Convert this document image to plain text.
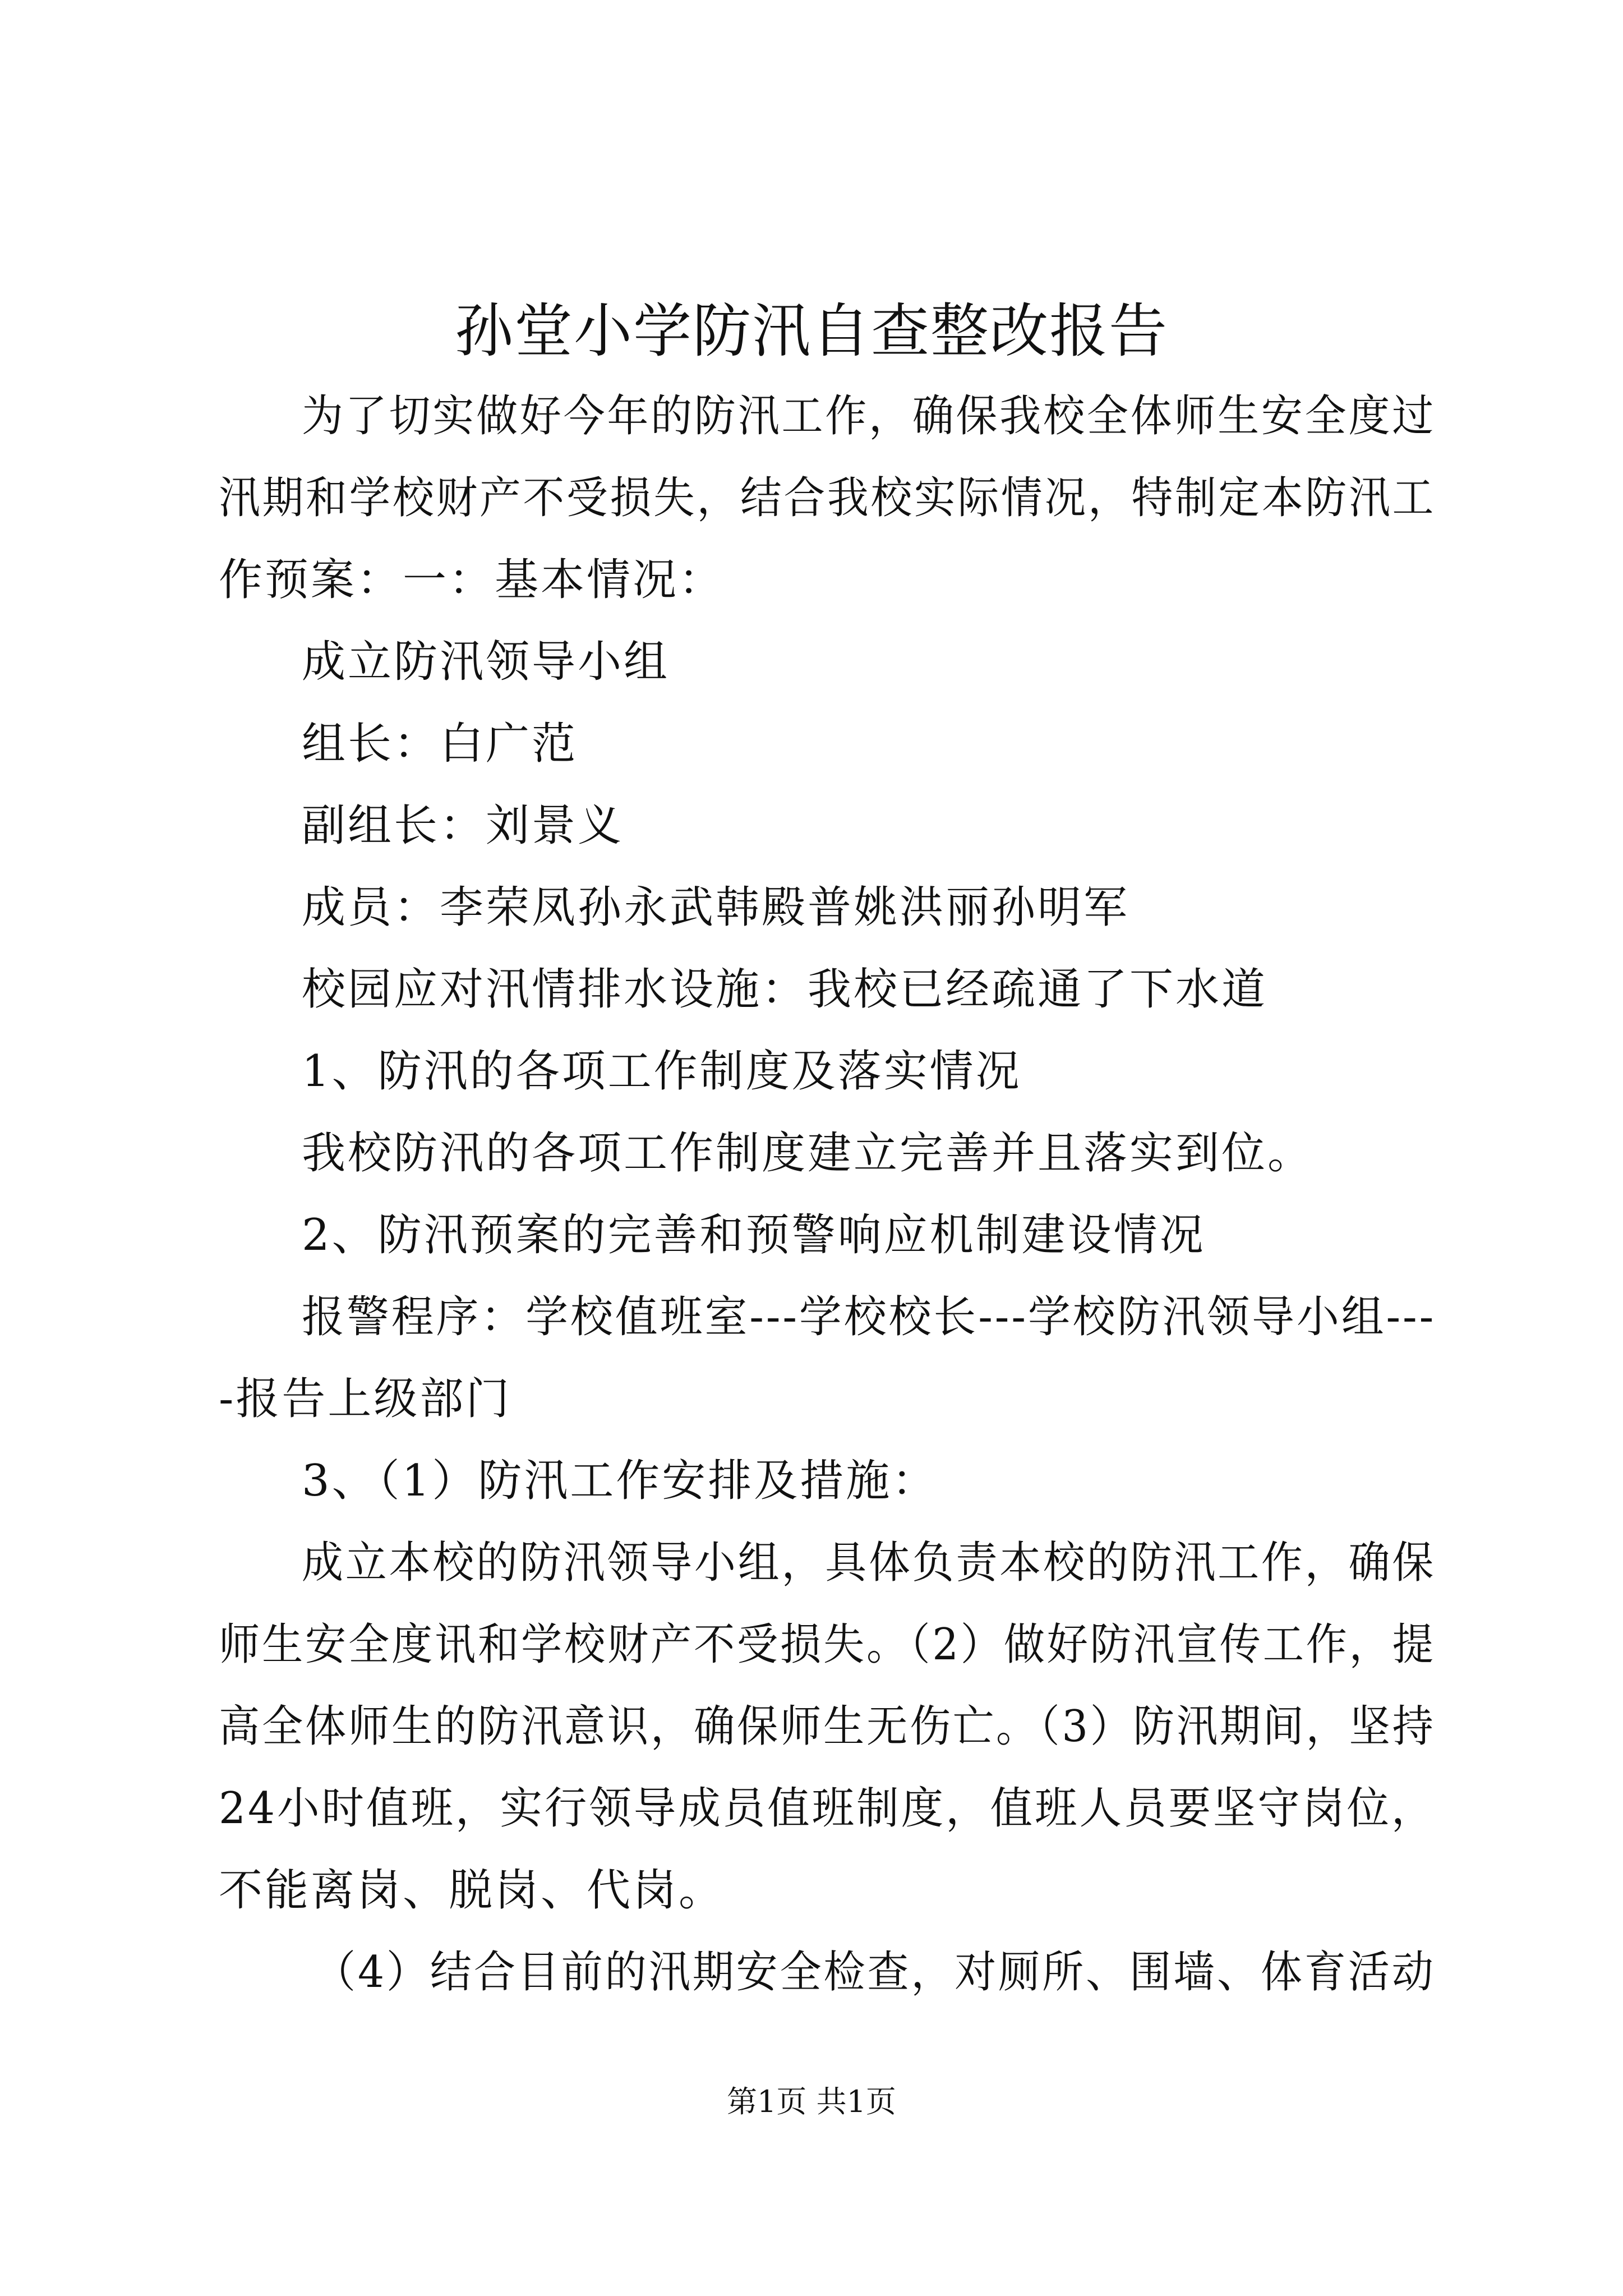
孙堂小学防汛自查整改报告

为了切实做好今年的防汛工作，确保我校全体师生安全度过

汛期和学校财产不受损失，结合我校实际情况，特制定本防汛工

作预案：一：基本情况：

成立防汛领导小组

组长：白广范

副组长：刘景义

成员：李荣凤孙永武韩殿普姚洪丽孙明军

校园应对汛情排水设施：我校已经疏通了下水道

1、防汛的各项工作制度及落实情况

我校防汛的各项工作制度建立完善并且落实到位。

2、防汛预案的完善和预警响应机制建设情况

报警程序：学校值班室---学校校长---学校防汛领导小组---

-报告上级部门

3、（1）防汛工作安排及措施：

成立本校的防汛领导小组，具体负责本校的防汛工作，确保

师生安全度讯和学校财产不受损失。（2）做好防汛宣传工作，提

高全体师生的防汛意识，确保师生无伤亡。（3）防汛期间，坚持

24小时值班，实行领导成员值班制度，值班人员要坚守岗位，

不能离岗、脱岗、代岗。

（4）结合目前的汛期安全检查，对厕所、围墙、体育活动

第1页 共1页
